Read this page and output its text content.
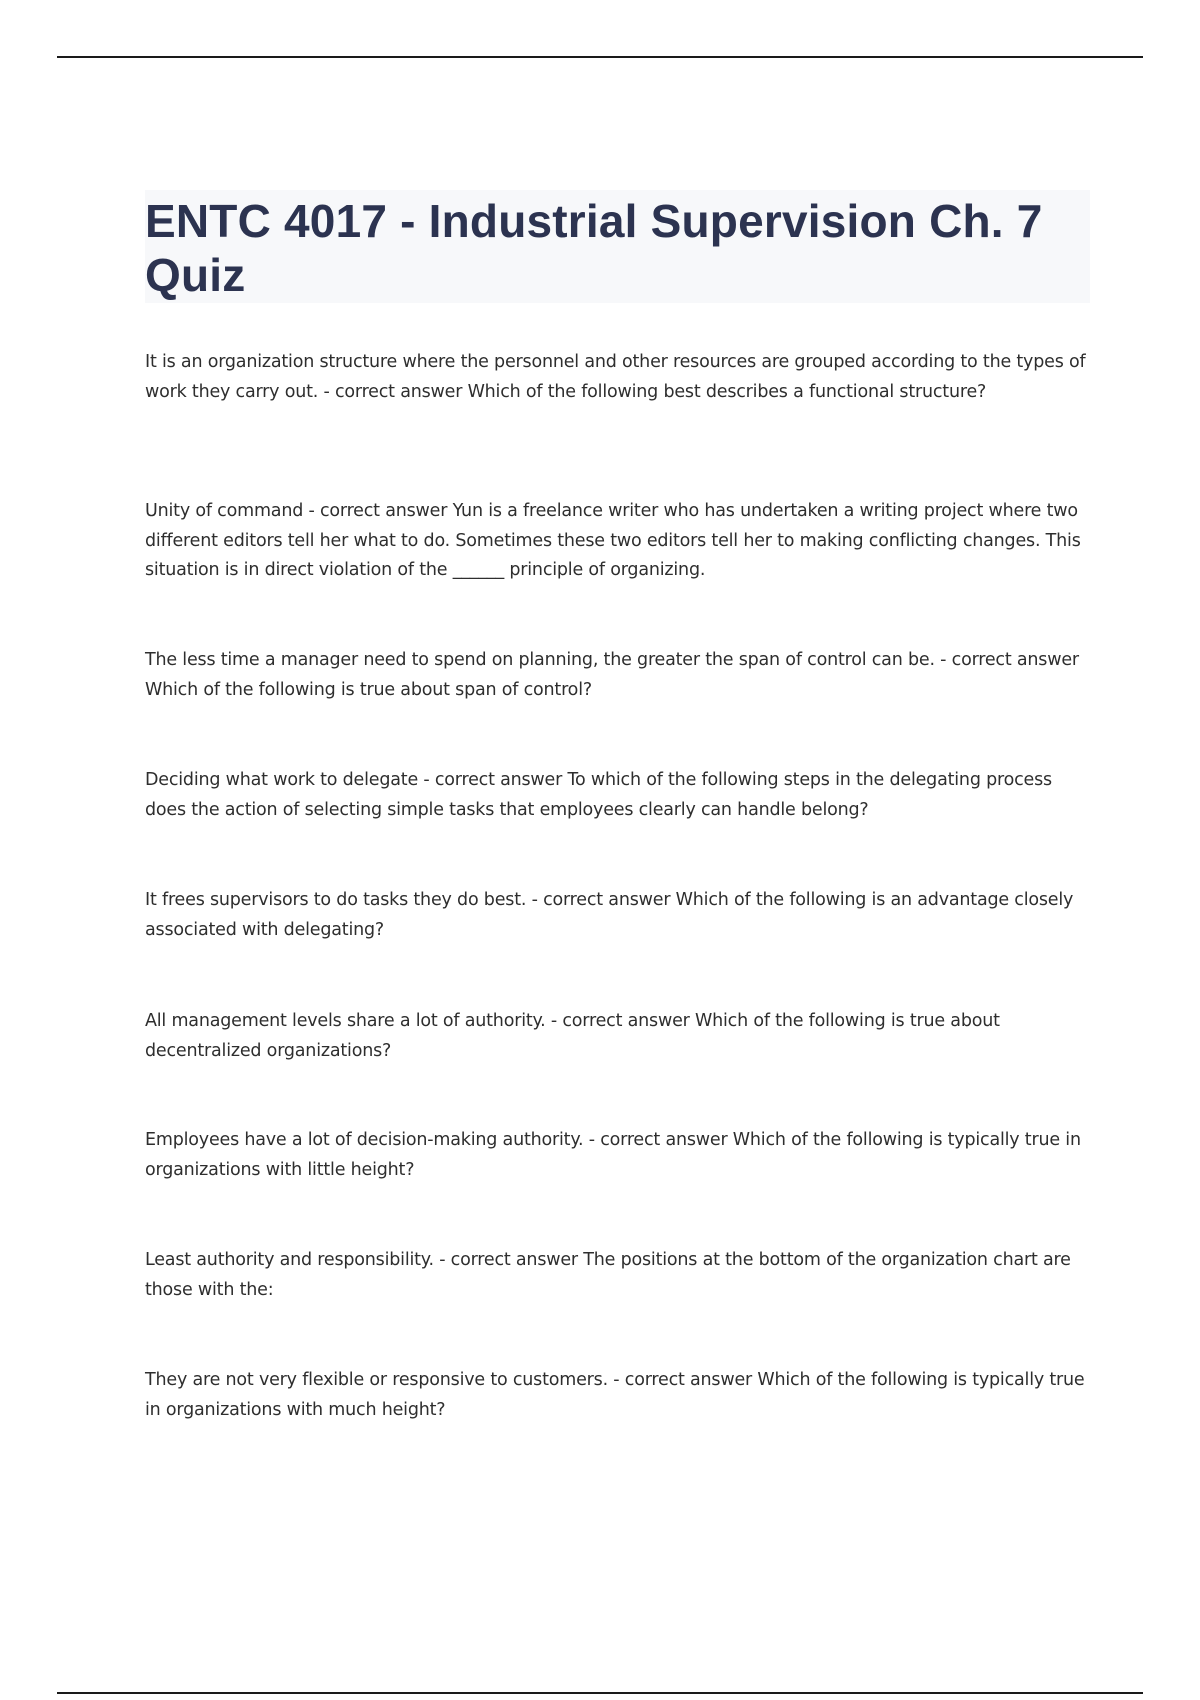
ENTC 4017 - Industrial Supervision Ch. 7 Quiz

It is an organization structure where the personnel and other resources are grouped according to the types of work they carry out. - correct answer Which of the following best describes a functional structure?

Unity of command - correct answer Yun is a freelance writer who has undertaken a writing project where two different editors tell her what to do. Sometimes these two editors tell her to making conflicting changes. This situation is in direct violation of the ______ principle of organizing.

The less time a manager need to spend on planning, the greater the span of control can be. - correct answer Which of the following is true about span of control?

Deciding what work to delegate - correct answer To which of the following steps in the delegating process does the action of selecting simple tasks that employees clearly can handle belong?

It frees supervisors to do tasks they do best. - correct answer Which of the following is an advantage closely associated with delegating?

All management levels share a lot of authority. - correct answer Which of the following is true about decentralized organizations?

Employees have a lot of decision-making authority. - correct answer Which of the following is typically true in organizations with little height?

Least authority and responsibility. - correct answer The positions at the bottom of the organization chart are those with the:

They are not very flexible or responsive to customers. - correct answer Which of the following is typically true in organizations with much height?
